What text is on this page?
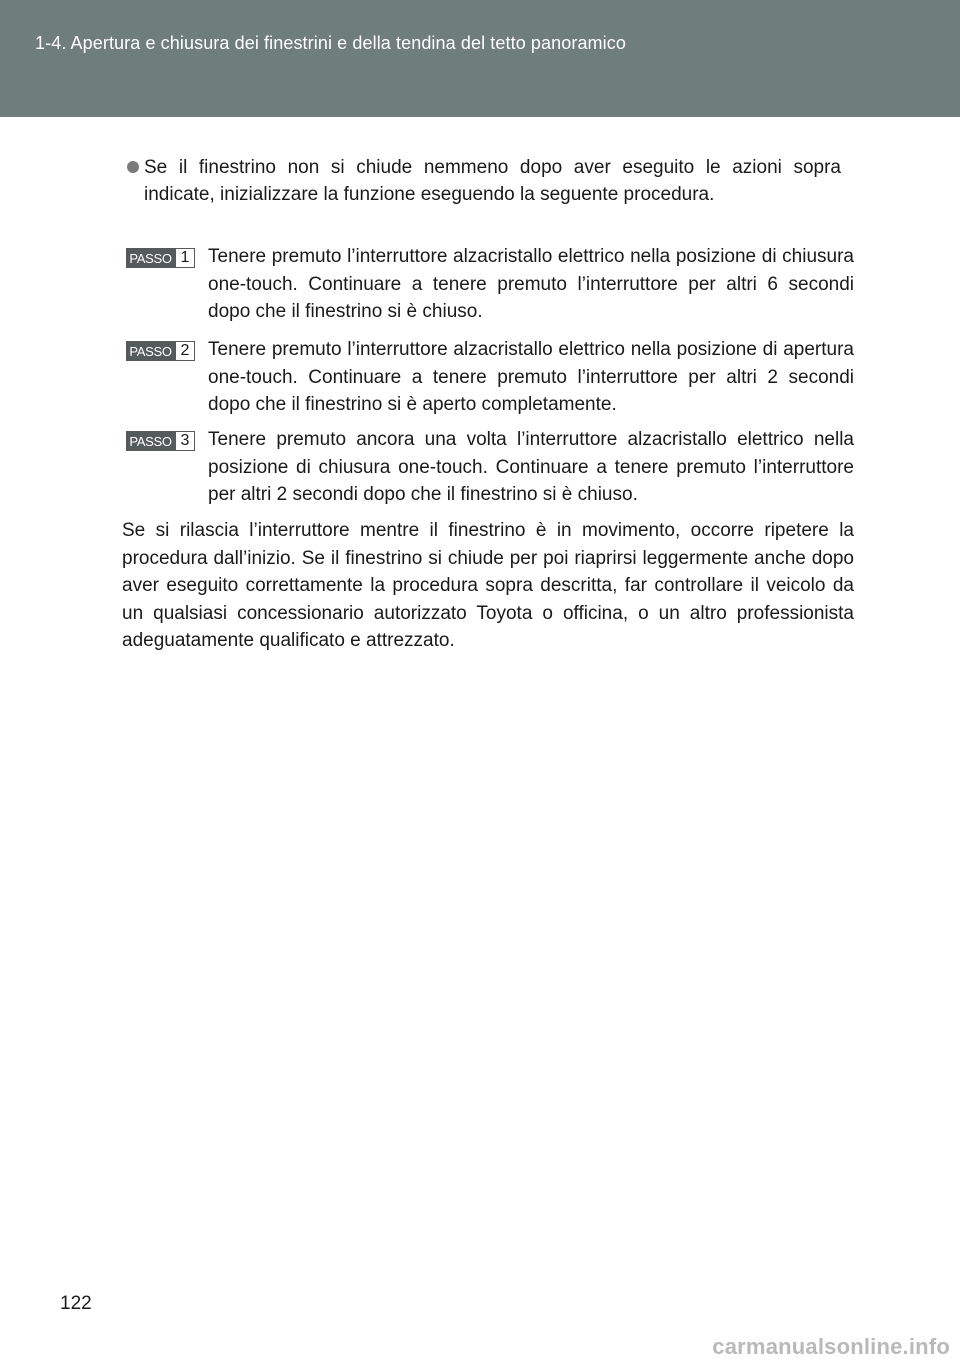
1-4. Apertura e chiusura dei finestrini e della tendina del tetto panoramico
Se il finestrino non si chiude nemmeno dopo aver eseguito le azioni sopra indicate, inizializzare la funzione eseguendo la seguente procedura.
PASSO 1 Tenere premuto l’interruttore alzacristallo elettrico nella posizione di chiusura one-touch. Continuare a tenere premuto l’interruttore per altri 6 secondi dopo che il finestrino si è chiuso.
PASSO 2 Tenere premuto l’interruttore alzacristallo elettrico nella posizione di apertura one-touch. Continuare a tenere premuto l’interruttore per altri 2 secondi dopo che il finestrino si è aperto completamente.
PASSO 3 Tenere premuto ancora una volta l’interruttore alzacristallo elettrico nella posizione di chiusura one-touch. Continuare a tenere premuto l’interruttore per altri 2 secondi dopo che il finestrino si è chiuso.
Se si rilascia l’interruttore mentre il finestrino è in movimento, occorre ripetere la procedura dall’inizio. Se il finestrino si chiude per poi riaprirsi leggermente anche dopo aver eseguito correttamente la procedura sopra descritta, far controllare il veicolo da un qualsiasi concessionario autorizzato Toyota o officina, o un altro professionista adeguatamente qualificato e attrezzato.
122
carmanualsonline.info
